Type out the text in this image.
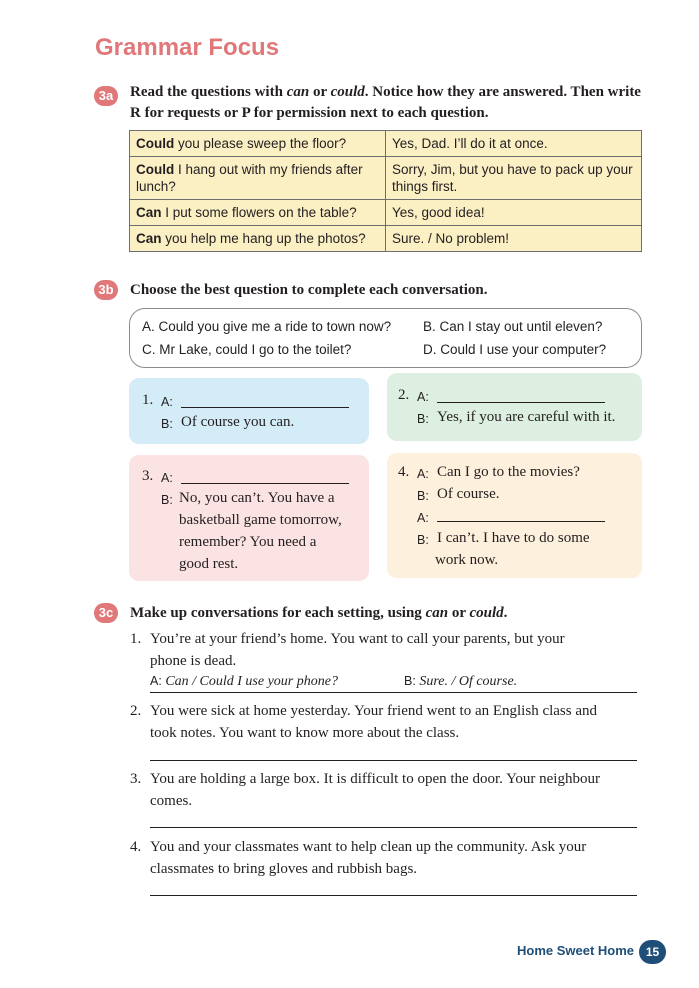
Grammar Focus
3a	Read the questions with can or could. Notice how they are answered. Then write R for requests or P for permission next to each question.
Could you please sweep the floor?	Yes, Dad. I’ll do it at once.
Could I hang out with my friends after lunch?	Sorry, Jim, but you have to pack up your things first.
Can I put some flowers on the table?	Yes, good idea!
Can you help me hang up the photos?	Sure. / No problem!
3b Choose the best question to complete each conversation.
A. Could you give me a ride to town now? B. Can I stay out until eleven?
C. Mr Lake, could I go to the toilet?	D. Could I use your computer?
1. A:
B: Of course you can.
2. A:
B: Yes, if you are careful with it.
3. A:
B: No, you can’t. You have a
basketball game tomorrow,
remember? You need a
good rest.
4. A: Can I go to the movies?
B: Of course.
A:
B: I can’t. I have to do some
work now.
3c	Make up conversations for each setting, using can or could.
1. You’re at your friend’s home. You want to call your parents, but your
phone is dead.
A: Can / Could I use your phone?	B: Sure. / Of course.
2. You were sick at home yesterday. Your friend went to an English class and
took notes. You want to know more about the class.
3. You are holding a large box. It is difficult to open the door. Your neighbour
comes.
4. You and your classmates want to help clean up the community. Ask your
classmates to bring gloves and rubbish bags.
Home Sweet Home 15
